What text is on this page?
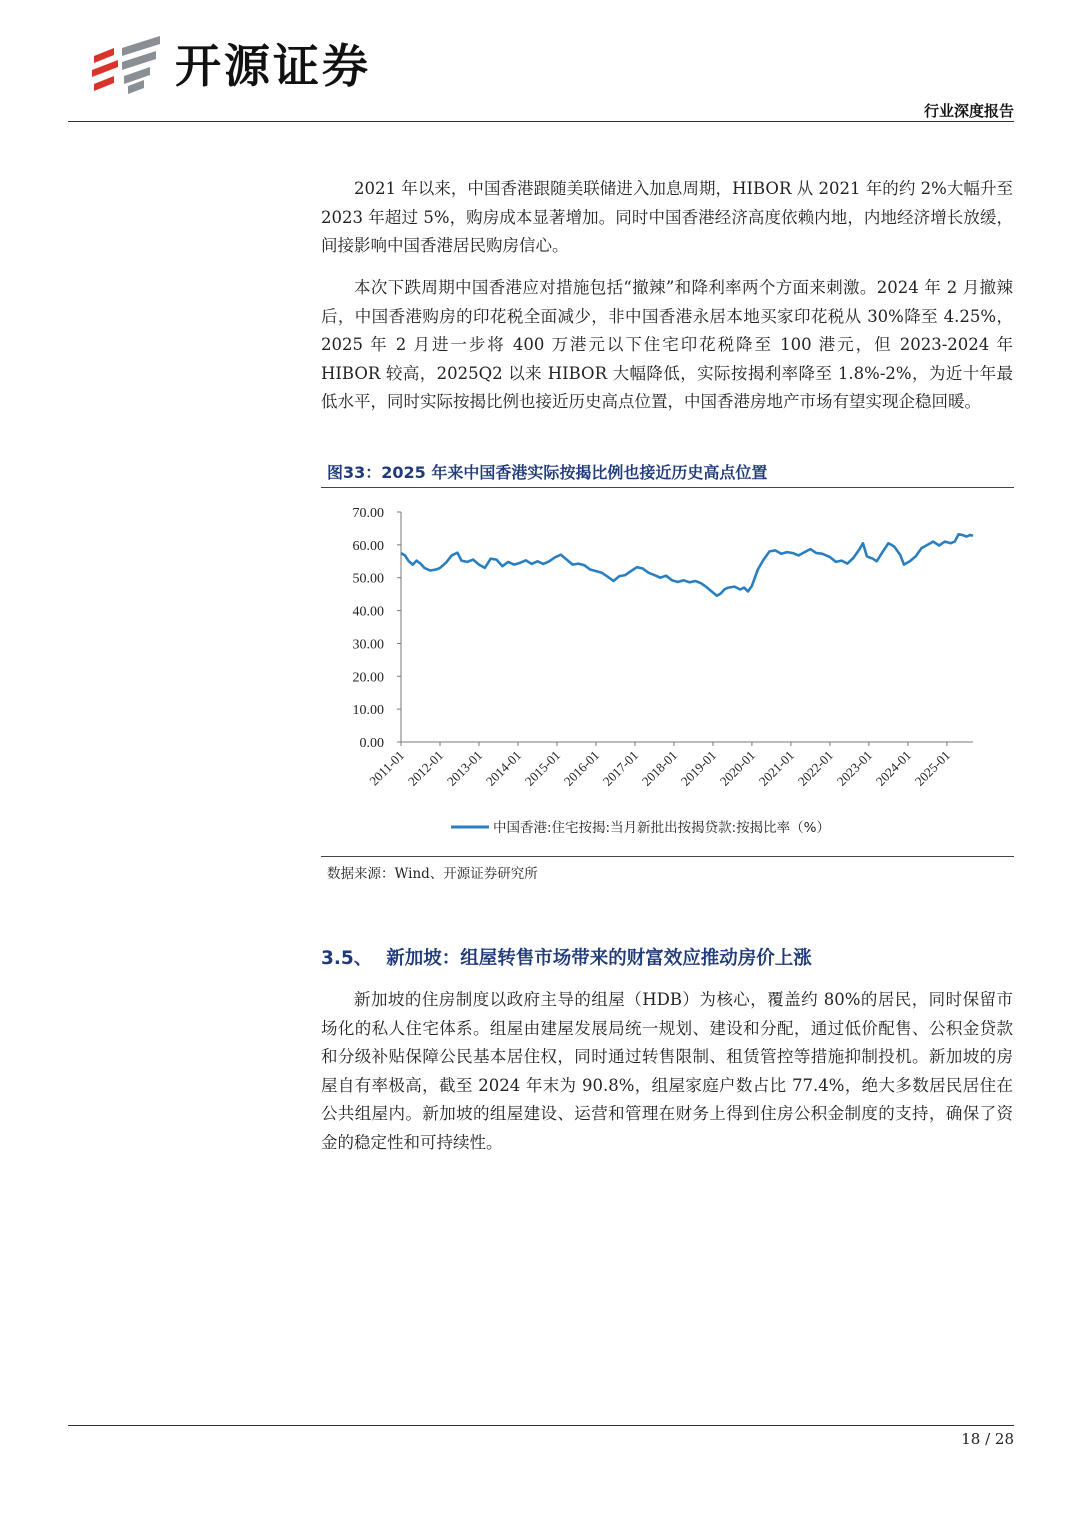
开源证券
行业深度报告

2021 年以来，中国香港跟随美联储进入加息周期，HIBOR 从 2021 年的约 2%大幅升至 2023 年超过 5%，购房成本显著增加。同时中国香港经济高度依赖内地，内地经济增长放缓，间接影响中国香港居民购房信心。

本次下跌周期中国香港应对措施包括“撤辣”和降利率两个方面来刺激。2024 年 2 月撤辣后，中国香港购房的印花税全面减少，非中国香港永居本地买家印花税从 30%降至 4.25%，2025 年 2 月进一步将 400 万港元以下住宅印花税降至 100 港元，但 2023-2024 年 HIBOR 较高，2025Q2 以来 HIBOR 大幅降低，实际按揭利率降至 1.8%-2%，为近十年最低水平，同时实际按揭比例也接近历史高点位置，中国香港房地产市场有望实现企稳回暖。

图33：2025 年来中国香港实际按揭比例也接近历史高点位置
0.00
10.00
20.00
30.00
40.00
50.00
60.00
70.00
2011-01
2012-01
2013-01
2014-01
2015-01
2016-01
2017-01
2018-01
2019-01
2020-01
2021-01
2022-01
2023-01
2024-01
2025-01
中国香港:住宅按揭:当月新批出按揭贷款:按揭比率（%）
数据来源：Wind、开源证券研究所
3.5、 新加坡：组屋转售市场带来的财富效应推动房价上涨

新加坡的住房制度以政府主导的组屋（HDB）为核心，覆盖约 80%的居民，同时保留市场化的私人住宅体系。组屋由建屋发展局统一规划、建设和分配，通过低价配售、公积金贷款和分级补贴保障公民基本居住权，同时通过转售限制、租赁管控等措施抑制投机。新加坡的房屋自有率极高，截至 2024 年末为 90.8%，组屋家庭户数占比 77.4%，绝大多数居民居住在公共组屋内。新加坡的组屋建设、运营和管理在财务上得到住房公积金制度的支持，确保了资金的稳定性和可持续性。

18 / 28
